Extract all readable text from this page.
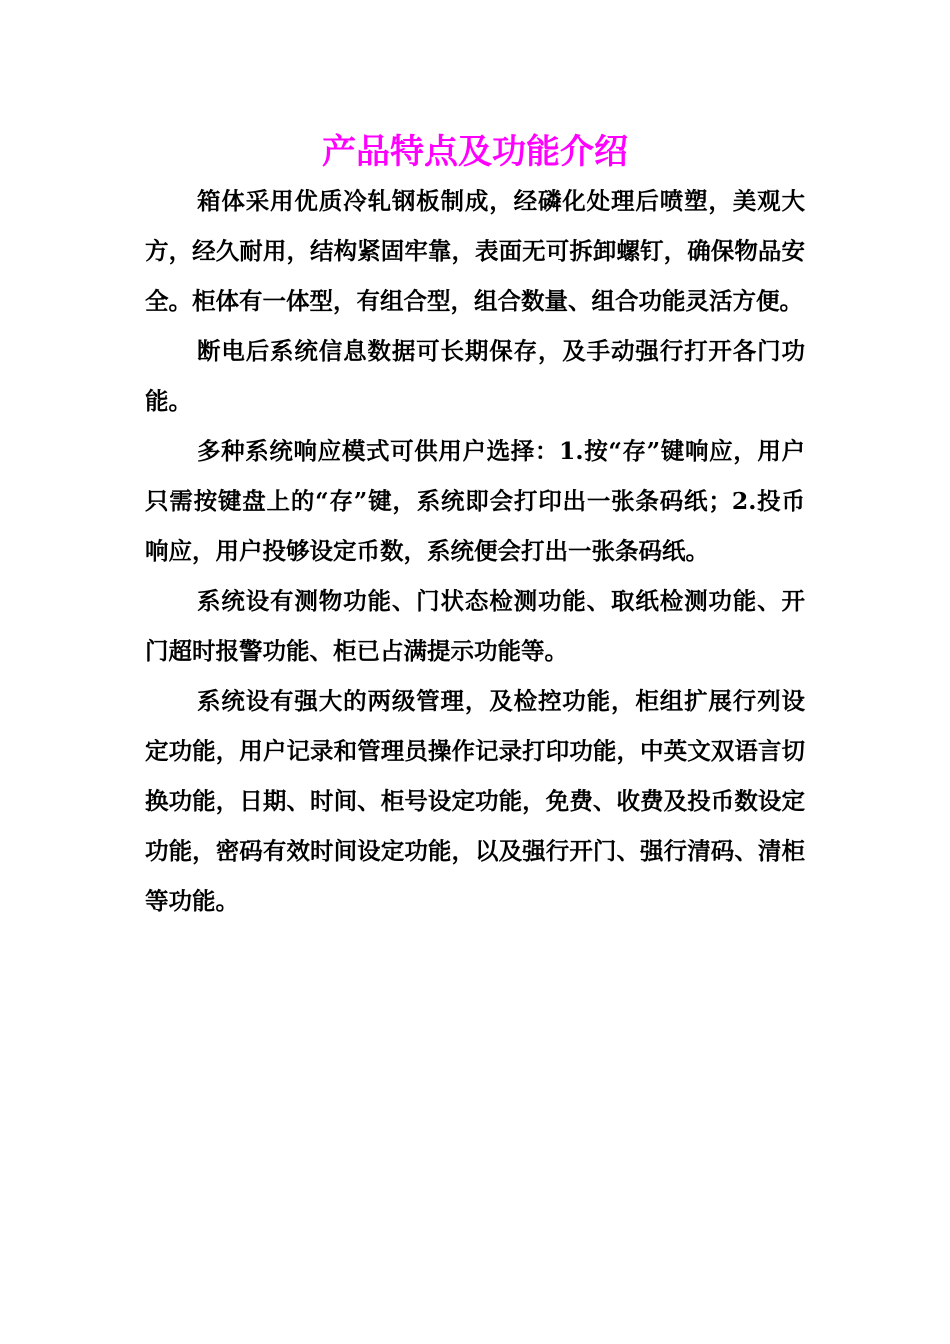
产品特点及功能介绍

箱体采用优质冷轧钢板制成，经磷化处理后喷塑，美观大方，经久耐用，结构紧固牢靠，表面无可拆卸螺钉，确保物品安全。柜体有一体型，有组合型，组合数量、组合功能灵活方便。

断电后系统信息数据可长期保存，及手动强行打开各门功能。

多种系统响应模式可供用户选择：1.按“存”键响应，用户只需按键盘上的“存”键，系统即会打印出一张条码纸；2.投币响应，用户投够设定币数，系统便会打出一张条码纸。

系统设有测物功能、门状态检测功能、取纸检测功能、开门超时报警功能、柜已占满提示功能等。

系统设有强大的两级管理，及检控功能，柜组扩展行列设定功能，用户记录和管理员操作记录打印功能，中英文双语言切换功能，日期、时间、柜号设定功能，免费、收费及投币数设定功能，密码有效时间设定功能，以及强行开门、强行清码、清柜等功能。
